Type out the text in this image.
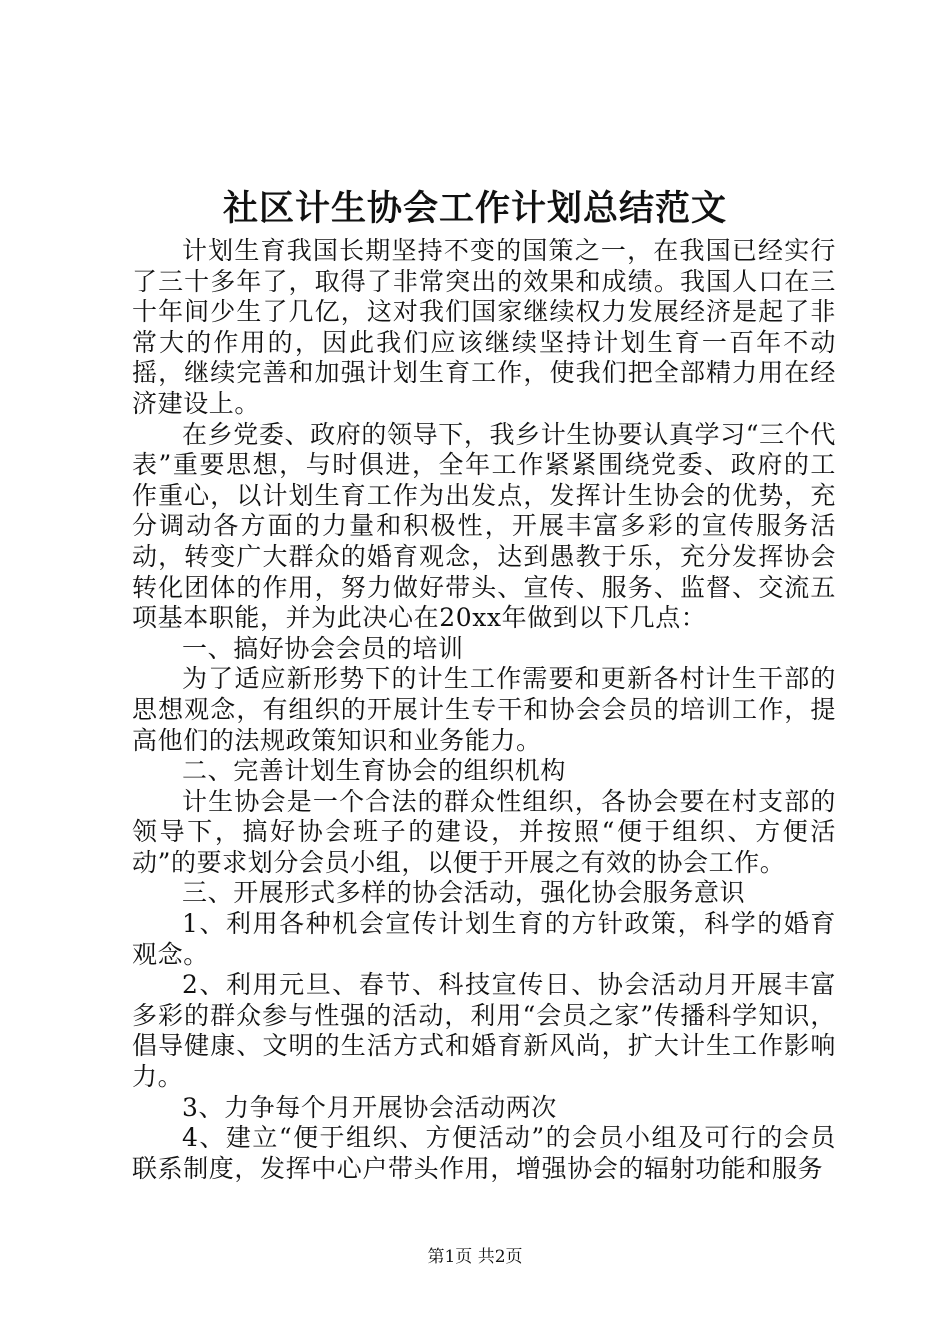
社区计生协会工作计划总结范文

计划生育我国长期坚持不变的国策之一，在我国已经实行了三十多年了，取得了非常突出的效果和成绩。我国人口在三十年间少生了几亿，这对我们国家继续权力发展经济是起了非常大的作用的，因此我们应该继续坚持计划生育一百年不动摇，继续完善和加强计划生育工作，使我们把全部精力用在经济建设上。

在乡党委、政府的领导下，我乡计生协要认真学习“三个代表”重要思想，与时俱进，全年工作紧紧围绕党委、政府的工作重心，以计划生育工作为出发点，发挥计生协会的优势，充分调动各方面的力量和积极性，开展丰富多彩的宣传服务活动，转变广大群众的婚育观念，达到愚教于乐，充分发挥协会转化团体的作用，努力做好带头、宣传、服务、监督、交流五项基本职能，并为此决心在20xx年做到以下几点：

一、搞好协会会员的培训

为了适应新形势下的计生工作需要和更新各村计生干部的思想观念，有组织的开展计生专干和协会会员的培训工作，提高他们的法规政策知识和业务能力。

二、完善计划生育协会的组织机构

计生协会是一个合法的群众性组织，各协会要在村支部的领导下，搞好协会班子的建设，并按照“便于组织、方便活动”的要求划分会员小组，以便于开展之有效的协会工作。

三、开展形式多样的协会活动，强化协会服务意识

1、利用各种机会宣传计划生育的方针政策，科学的婚育观念。

2、利用元旦、春节、科技宣传日、协会活动月开展丰富多彩的群众参与性强的活动，利用“会员之家”传播科学知识，倡导健康、文明的生活方式和婚育新风尚，扩大计生工作影响力。

3、力争每个月开展协会活动两次

4、建立“便于组织、方便活动”的会员小组及可行的会员联系制度，发挥中心户带头作用，增强协会的辐射功能和服务

第1页 共2页
